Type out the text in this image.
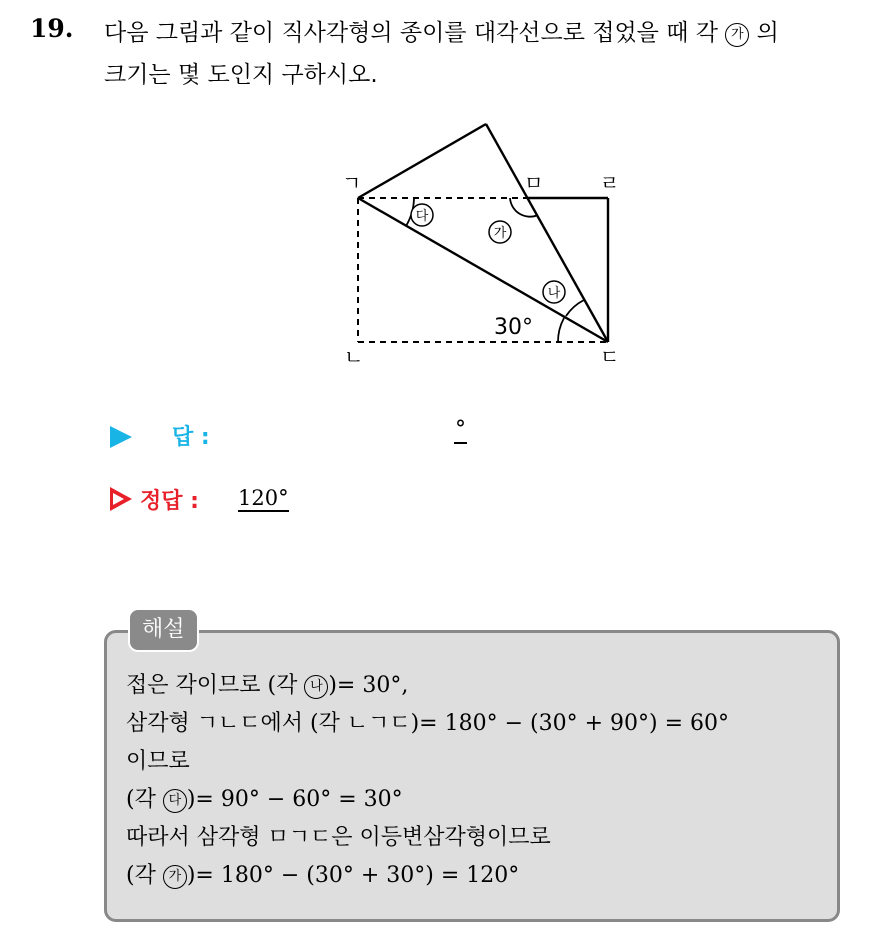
19. 다음 그림과 같이 직사각형의 종이를 대각선으로 접었을 때 각 가 의
크기는 몇 도인지 구하시오.
ㄱ
ㄴ	ㄷ
ㄹ
ㅁ
다
가
나
30°
답 :	°
정답 : 120°
해설
접은 각이므로 (각 나 )= 30°,
삼각형 ㄱㄴㄷ에서 (각 ㄴㄱㄷ)= 180° − (30° + 90°) = 60°
이므로
(각 다 )= 90° − 60° = 30°
따라서 삼각형 ㅁㄱㄷ은 이등변삼각형이므로
(각 가 )= 180° − (30° + 30°) = 120°
